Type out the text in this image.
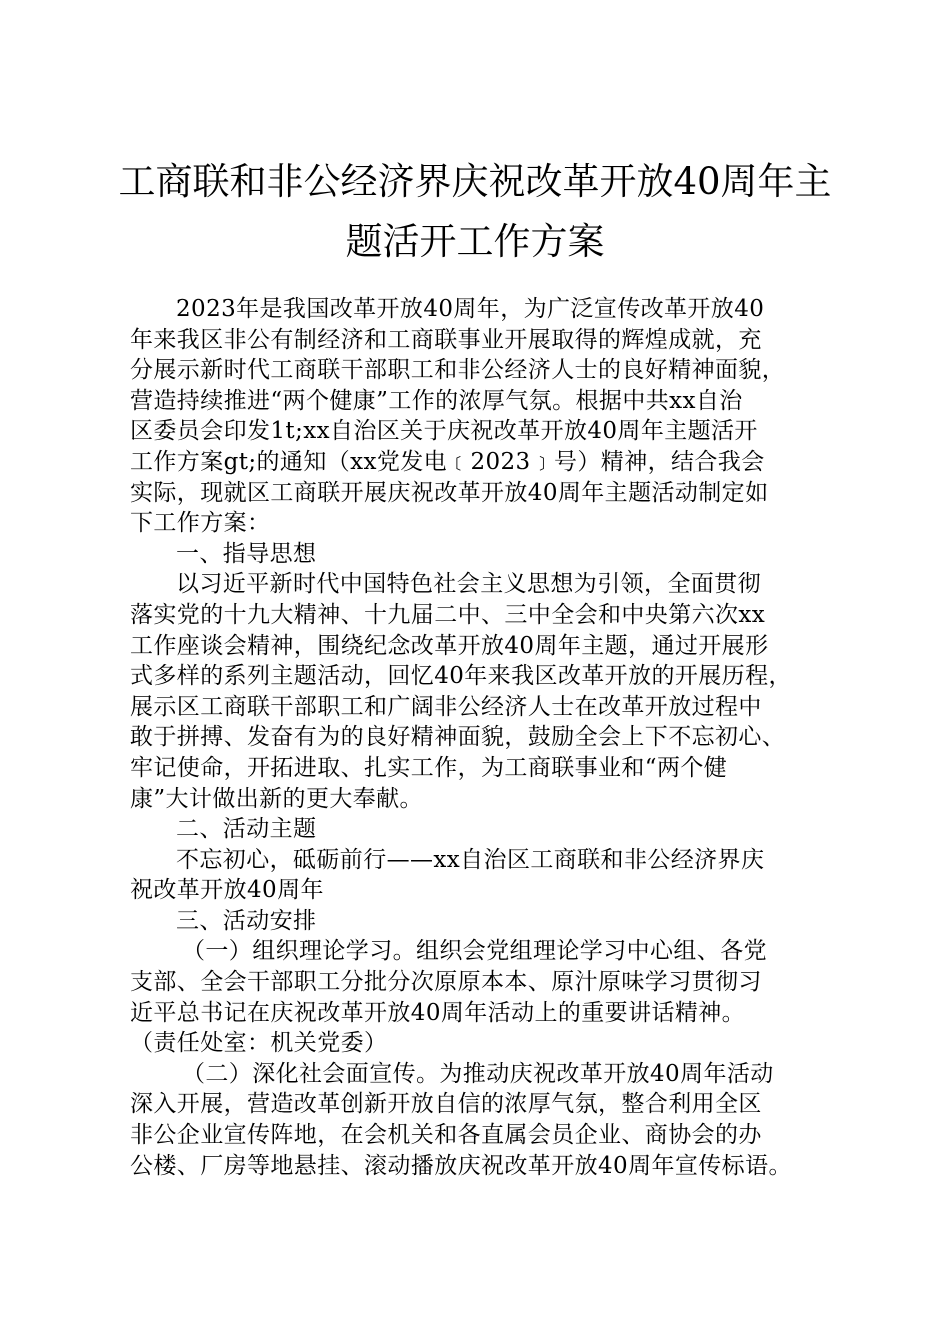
工商联和非公经济界庆祝改革开放40周年主
题活开工作方案
2023年是我国改革开放40周年，为广泛宣传改革开放40
年来我区非公有制经济和工商联事业开展取得的辉煌成就，充
分展示新时代工商联干部职工和非公经济人士的良好精神面貌，
营造持续推进“两个健康”工作的浓厚气氛。根据中共xx自治
区委员会印发1t;xx自治区关于庆祝改革开放40周年主题活开
工作方案gt;的通知（xx党发电﹝2023﹞号）精神，结合我会
实际，现就区工商联开展庆祝改革开放40周年主题活动制定如
下工作方案：
一、指导思想
以习近平新时代中国特色社会主义思想为引领，全面贯彻
落实党的十九大精神、十九届二中、三中全会和中央第六次xx
工作座谈会精神，围绕纪念改革开放40周年主题，通过开展形
式多样的系列主题活动，回忆40年来我区改革开放的开展历程，
展示区工商联干部职工和广阔非公经济人士在改革开放过程中
敢于拼搏、发奋有为的良好精神面貌，鼓励全会上下不忘初心、
牢记使命，开拓进取、扎实工作，为工商联事业和“两个健
康”大计做出新的更大奉献。
二、活动主题
不忘初心，砥砺前行——xx自治区工商联和非公经济界庆
祝改革开放40周年
三、活动安排
（一）组织理论学习。组织会党组理论学习中心组、各党
支部、全会干部职工分批分次原原本本、原汁原味学习贯彻习
近平总书记在庆祝改革开放40周年活动上的重要讲话精神。
（责任处室：机关党委）
（二）深化社会面宣传。为推动庆祝改革开放40周年活动
深入开展，营造改革创新开放自信的浓厚气氛，整合利用全区
非公企业宣传阵地，在会机关和各直属会员企业、商协会的办
公楼、厂房等地悬挂、滚动播放庆祝改革开放40周年宣传标语。
